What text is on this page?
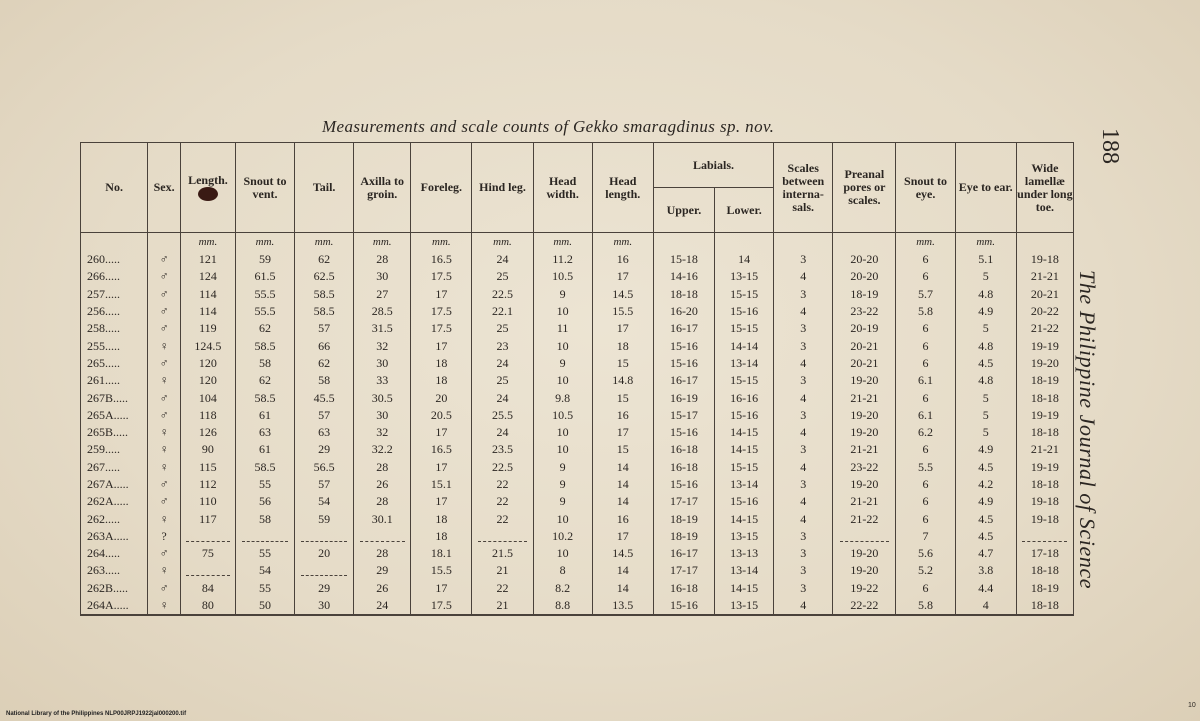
Measurements and scale counts of Gekko smaragdinus sp. nov.
No.	Sex.	Length.	Snout to vent.	Tail.	Axilla to groin.	Foreleg.	Hind leg.	Head width.	Head length.	Labials.		Scales between interna-sals.	Preanal pores or scales.	Snout to eye.	Eye to ear.	Wide lamellæ under long toe.
										Upper.	Lower.					
		mm.	mm.	mm.	mm.	mm.	mm.	mm.	mm.					mm.	mm.	
260.....	♂	121	59	62	28	16.5	24	11.2	16	15-18	14	3	20-20	6	5.1	19-18
266.....	♂	124	61.5	62.5	30	17.5	25	10.5	17	14-16	13-15	4	20-20	6	5	21-21
257.....	♂	114	55.5	58.5	27	17	22.5	9	14.5	18-18	15-15	3	18-19	5.7	4.8	20-21
256.....	♂	114	55.5	58.5	28.5	17.5	22.1	10	15.5	16-20	15-16	4	23-22	5.8	4.9	20-22
258.....	♂	119	62	57	31.5	17.5	25	11	17	16-17	15-15	3	20-19	6	5	21-22
255.....	♀	124.5	58.5	66	32	17	23	10	18	15-16	14-14	3	20-21	6	4.8	19-19
265.....	♂	120	58	62	30	18	24	9	15	15-16	13-14	4	20-21	6	4.5	19-20
261.....	♀	120	62	58	33	18	25	10	14.8	16-17	15-15	3	19-20	6.1	4.8	18-19
267B.....	♂	104	58.5	45.5	30.5	20	24	9.8	15	16-19	16-16	4	21-21	6	5	18-18
265A.....	♂	118	61	57	30	20.5	25.5	10.5	16	15-17	15-16	3	19-20	6.1	5	19-19
265B.....	♀	126	63	63	32	17	24	10	17	15-16	14-15	4	19-20	6.2	5	18-18
259.....	♀	90	61	29	32.2	16.5	23.5	10	15	16-18	14-15	3	21-21	6	4.9	21-21
267.....	♀	115	58.5	56.5	28	17	22.5	9	14	16-18	15-15	4	23-22	5.5	4.5	19-19
267A.....	♂	112	55	57	26	15.1	22	9	14	15-16	13-14	3	19-20	6	4.2	18-18
262A.....	♂	110	56	54	28	17	22	9	14	17-17	15-16	4	21-21	6	4.9	19-18
262.....	♀	117	58	59	30.1	18	22	10	16	18-19	14-15	4	21-22	6	4.5	19-18
263A.....	?					18		10.2	17	18-19	13-15	3		7	4.5	
264.....	♂	75	55	20	28	18.1	21.5	10	14.5	16-17	13-13	3	19-20	5.6	4.7	17-18
263.....	♀		54		29	15.5	21	8	14	17-17	13-14	3	19-20	5.2	3.8	18-18
262B.....	♂	84	55	29	26	17	22	8.2	14	16-18	14-15	3	19-22	6	4.4	18-19
264A.....	♀	80	50	30	24	17.5	21	8.8	13.5	15-16	13-15	4	22-22	5.8	4	18-18
188
The Philippine Journal of Science
National Library of the Philippines NLP00JRPJ1922jal000200.tif
10
